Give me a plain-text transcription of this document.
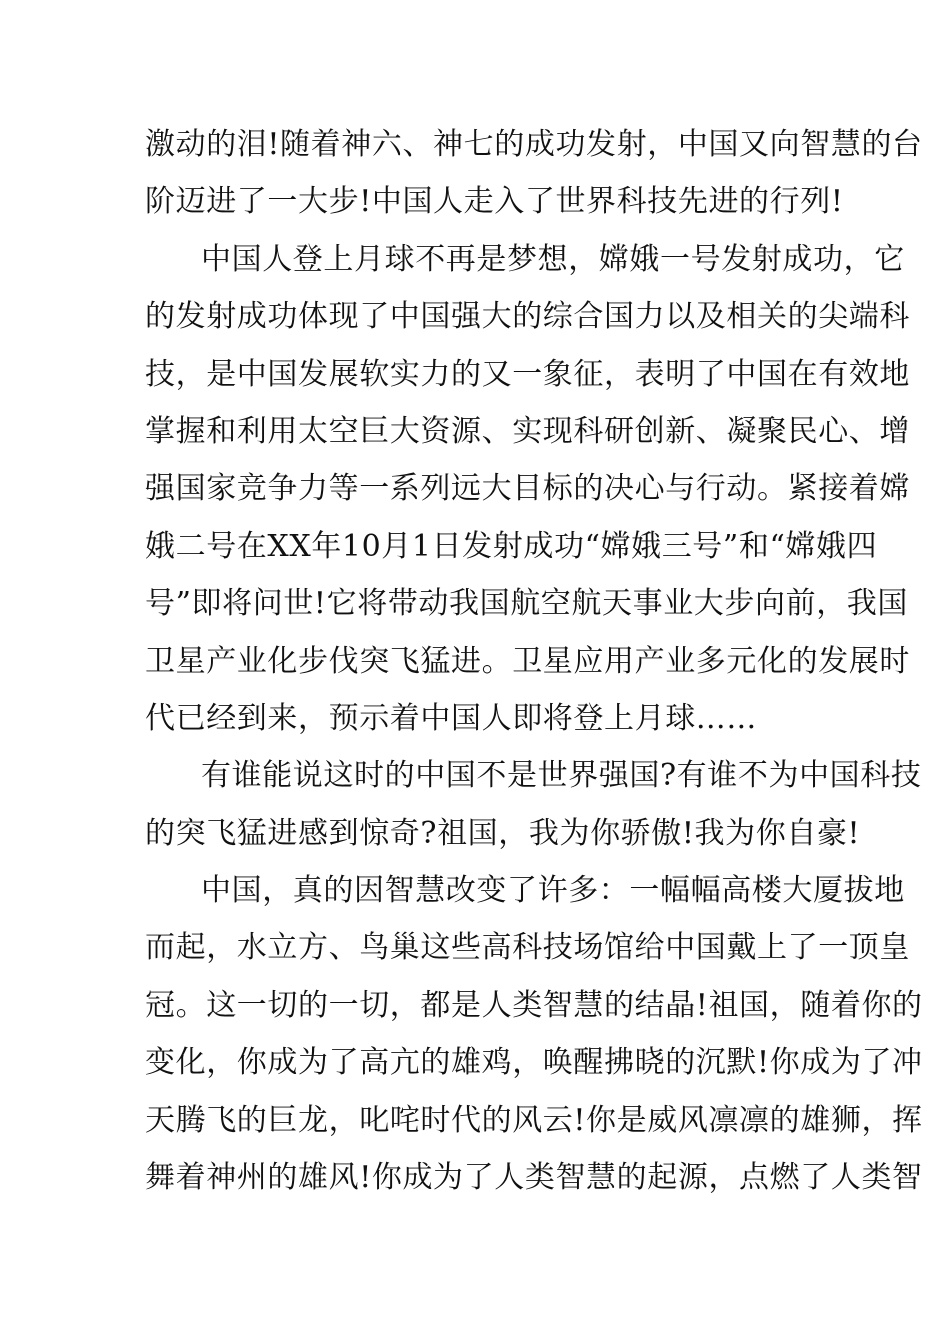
激动的泪!随着神六、神七的成功发射，中国又向智慧的台
阶迈进了一大步!中国人走入了世界科技先进的行列!
中国人登上月球不再是梦想，嫦娥一号发射成功，它
的发射成功体现了中国强大的综合国力以及相关的尖端科
技，是中国发展软实力的又一象征，表明了中国在有效地
掌握和利用太空巨大资源、实现科研创新、凝聚民心、增
强国家竞争力等一系列远大目标的决心与行动。紧接着嫦
娥二号在XX年10月1日发射成功“嫦娥三号”和“嫦娥四
号”即将问世!它将带动我国航空航天事业大步向前，我国
卫星产业化步伐突飞猛进。卫星应用产业多元化的发展时
代已经到来，预示着中国人即将登上月球……
有谁能说这时的中国不是世界强国?有谁不为中国科技
的突飞猛进感到惊奇?祖国，我为你骄傲!我为你自豪!
中国，真的因智慧改变了许多：一幅幅高楼大厦拔地
而起，水立方、鸟巢这些高科技场馆给中国戴上了一顶皇
冠。这一切的一切，都是人类智慧的结晶!祖国，随着你的
变化，你成为了高亢的雄鸡，唤醒拂晓的沉默!你成为了冲
天腾飞的巨龙，叱咤时代的风云!你是威风凛凛的雄狮，挥
舞着神州的雄风!你成为了人类智慧的起源，点燃了人类智
